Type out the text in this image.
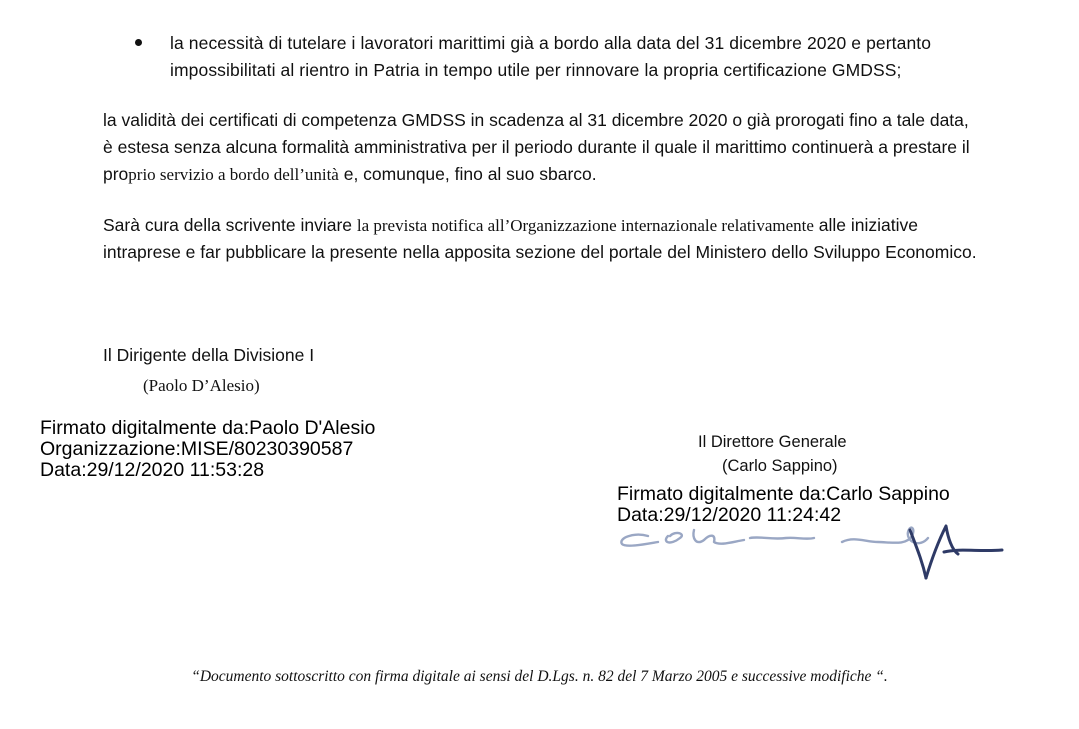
la necessità di tutelare i lavoratori marittimi già a bordo alla data del 31 dicembre 2020 e pertanto impossibilitati al rientro in Patria in tempo utile per rinnovare la propria certificazione GMDSS;
la validità dei certificati di competenza GMDSS in scadenza al 31 dicembre 2020 o già prorogati fino a tale data, è estesa senza alcuna formalità amministrativa per il periodo durante il quale il marittimo continuerà a prestare il proprio servizio a bordo dell’unità e, comunque, fino al suo sbarco.
Sarà cura della scrivente inviare la prevista notifica all’Organizzazione internazionale relativamente alle iniziative intraprese e far pubblicare la presente nella apposita sezione del portale del Ministero dello Sviluppo Economico.
Il Dirigente della Divisione I
(Paolo D’Alesio)
Firmato digitalmente da:Paolo D'Alesio
Organizzazione:MISE/80230390587
Data:29/12/2020 11:53:28
Il Direttore Generale
(Carlo Sappino)
Firmato digitalmente da:Carlo Sappino
Data:29/12/2020 11:24:42
“Documento sottoscritto con firma digitale ai sensi del D.Lgs. n. 82 del 7 Marzo 2005 e successive modifiche “.
